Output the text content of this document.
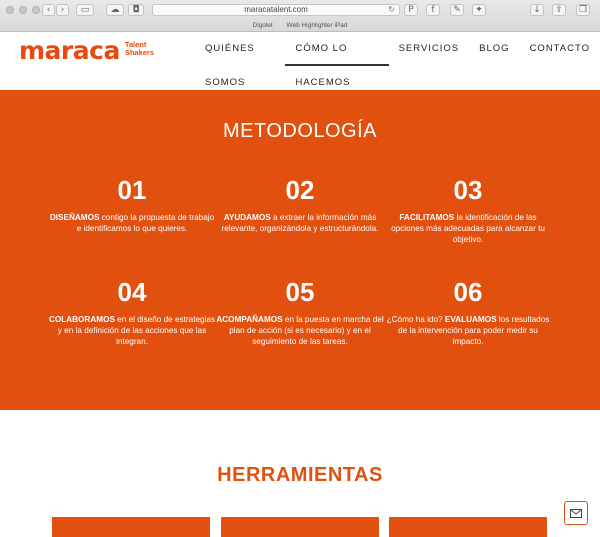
‹	›	▭	☁	◘	maracatalent.com	↻	P	f	✎	✦	↓	⇪	❐
Digolet Web Highlighter iPad
maraca Talent
Shakers	QUIÉNES SOMOS
CÓMO LO HACEMOS
SERVICIOS	BLOG	CONTACTO
METODOLOGÍA
01
DISEÑAMOS contigo la propuesta de trabajo e identificamos lo que quieres.
02
AYUDAMOS a extraer la información más relevante, organizándola y estructurándola.
03
FACILITAMOS la identificación de las opciones más adecuadas para alcanzar tu objetivo.
04
COLABORAMOS en el diseño de estrategias y en la definición de las acciones que las integran.
05
ACOMPAÑAMOS en la puesta en marcha del plan de acción (si es necesario) y en el seguimiento de las tareas.
06
¿Cómo ha ido? EVALUAMOS los resultados de la intervención para poder medir su impacto.
HERRAMIENTAS
